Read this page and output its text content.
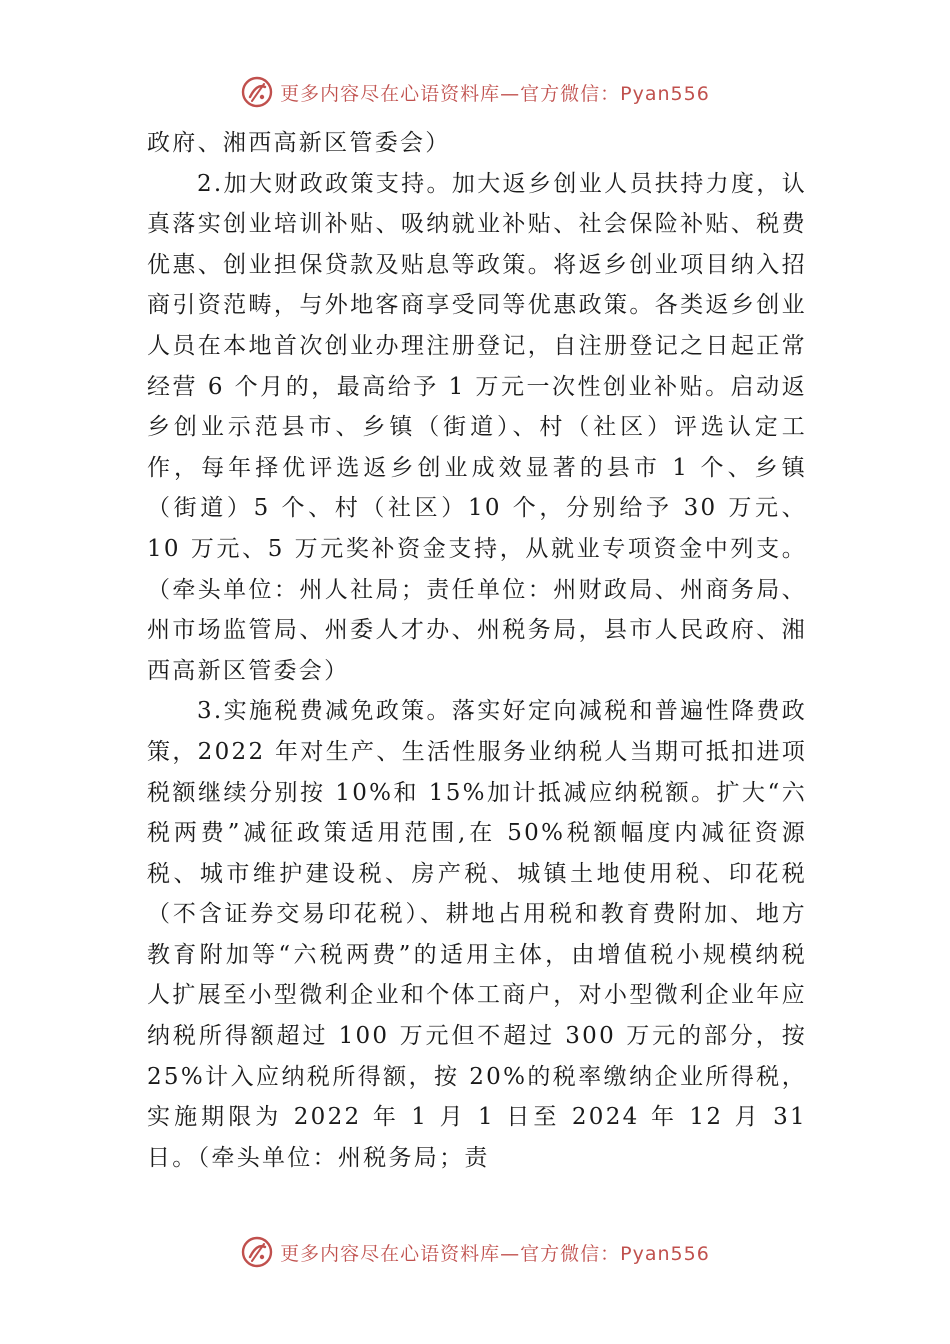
更多内容尽在心语资料库—官方微信：Pyan556

政府、湘西高新区管委会）

2.加大财政政策支持。加大返乡创业人员扶持力度，认真落实创业培训补贴、吸纳就业补贴、社会保险补贴、税费优惠、创业担保贷款及贴息等政策。将返乡创业项目纳入招商引资范畴，与外地客商享受同等优惠政策。各类返乡创业人员在本地首次创业办理注册登记，自注册登记之日起正常经营 6 个月的，最高给予 1 万元一次性创业补贴。启动返乡创业示范县市、乡镇（街道）、村（社区）评选认定工作，每年择优评选返乡创业成效显著的县市 1 个、乡镇（街道）5 个、村（社区）10 个，分别给予 30 万元、10 万元、5 万元奖补资金支持，从就业专项资金中列支。（牵头单位：州人社局；责任单位：州财政局、州商务局、州市场监管局、州委人才办、州税务局，县市人民政府、湘西高新区管委会）

3.实施税费减免政策。落实好定向减税和普遍性降费政策，2022 年对生产、生活性服务业纳税人当期可抵扣进项税额继续分别按 10%和 15%加计抵减应纳税额。扩大“六税两费”减征政策适用范围,在 50%税额幅度内减征资源税、城市维护建设税、房产税、城镇土地使用税、印花税（不含证券交易印花税）、耕地占用税和教育费附加、地方教育附加等“六税两费”的适用主体，由增值税小规模纳税人扩展至小型微利企业和个体工商户，对小型微利企业年应纳税所得额超过 100 万元但不超过 300 万元的部分，按 25%计入应纳税所得额，按 20%的税率缴纳企业所得税，实施期限为 2022 年 1 月 1 日至 2024 年 12 月 31 日。（牵头单位：州税务局；责

更多内容尽在心语资料库—官方微信：Pyan556
